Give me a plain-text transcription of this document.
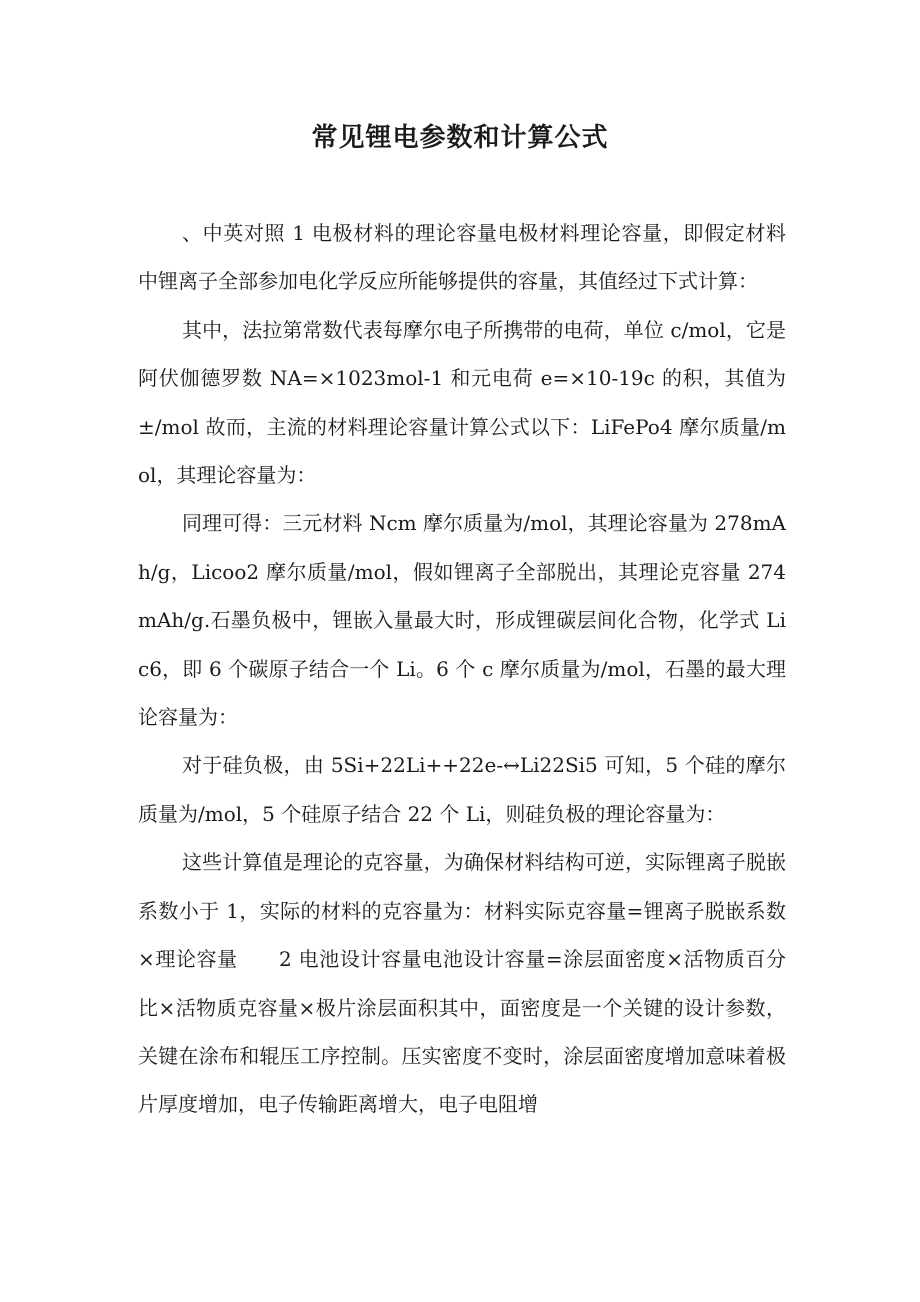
常见锂电参数和计算公式

、中英对照 1 电极材料的理论容量电极材料理论容量，即假定材料中锂离子全部参加电化学反应所能够提供的容量，其值经过下式计算：

其中，法拉第常数代表每摩尔电子所携带的电荷，单位 c/mol，它是阿伏伽德罗数 NA=×1023mol-1 和元电荷 e=×10-19c 的积，其值为±/mol 故而，主流的材料理论容量计算公式以下：LiFePo4 摩尔质量/mol，其理论容量为：

同理可得：三元材料 Ncm 摩尔质量为/mol，其理论容量为 278mAh/g，Licoo2 摩尔质量/mol，假如锂离子全部脱出，其理论克容量 274mAh/g.石墨负极中，锂嵌入量最大时，形成锂碳层间化合物，化学式 Lic6，即 6 个碳原子结合一个 Li。6 个 c 摩尔质量为/mol，石墨的最大理论容量为：

对于硅负极，由 5Si+22Li++22e-↔Li22Si5 可知，5 个硅的摩尔质量为/mol，5 个硅原子结合 22 个 Li，则硅负极的理论容量为：

这些计算值是理论的克容量，为确保材料结构可逆，实际锂离子脱嵌系数小于 1，实际的材料的克容量为：材料实际克容量=锂离子脱嵌系数×理论容量　　2 电池设计容量电池设计容量=涂层面密度×活物质百分比×活物质克容量×极片涂层面积其中，面密度是一个关键的设计参数，关键在涂布和辊压工序控制。压实密度不变时，涂层面密度增加意味着极片厚度增加，电子传输距离增大，电子电阻增
